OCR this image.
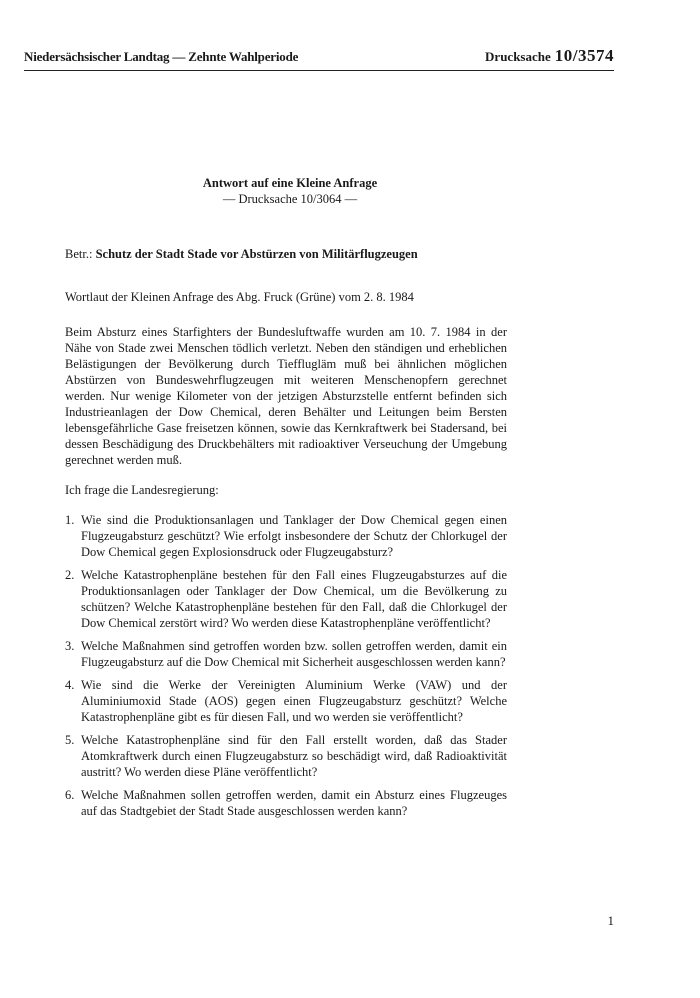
Niedersächsischer Landtag — Zehnte Wahlperiode	Drucksache 10/3574
Antwort auf eine Kleine Anfrage
— Drucksache 10/3064 —
Betr.: Schutz der Stadt Stade vor Abstürzen von Militärflugzeugen
Wortlaut der Kleinen Anfrage des Abg. Fruck (Grüne) vom 2. 8. 1984
Beim Absturz eines Starfighters der Bundesluftwaffe wurden am 10. 7. 1984 in der Nähe von Stade zwei Menschen tödlich verletzt. Neben den ständigen und erheblichen Belästigungen der Bevölkerung durch Tiefflugläm muß bei ähnlichen möglichen Abstürzen von Bundeswehrflugzeugen mit weiteren Menschenopfern gerechnet werden. Nur wenige Kilometer von der jetzigen Absturzstelle entfernt befinden sich Industrieanlagen der Dow Chemical, deren Behälter und Leitungen beim Bersten lebensgefährliche Gase freisetzen können, sowie das Kernkraftwerk bei Stadersand, bei dessen Beschädigung des Druckbehälters mit radioaktiver Verseuchung der Umgebung gerechnet werden muß.
Ich frage die Landesregierung:
1. Wie sind die Produktionsanlagen und Tanklager der Dow Chemical gegen einen Flugzeugabsturz geschützt? Wie erfolgt insbesondere der Schutz der Chlorkugel der Dow Chemical gegen Explosionsdruck oder Flugzeugabsturz?
2. Welche Katastrophenpläne bestehen für den Fall eines Flugzeugabsturzes auf die Produktionsanlagen oder Tanklager der Dow Chemical, um die Bevölkerung zu schützen? Welche Katastrophenpläne bestehen für den Fall, daß die Chlorkugel der Dow Chemical zerstört wird? Wo werden diese Katastrophenpläne veröffentlicht?
3. Welche Maßnahmen sind getroffen worden bzw. sollen getroffen werden, damit ein Flugzeugabsturz auf die Dow Chemical mit Sicherheit ausgeschlossen werden kann?
4. Wie sind die Werke der Vereinigten Aluminium Werke (VAW) und der Aluminiumoxid Stade (AOS) gegen einen Flugzeugabsturz geschützt? Welche Katastrophenpläne gibt es für diesen Fall, und wo werden sie veröffentlicht?
5. Welche Katastrophenpläne sind für den Fall erstellt worden, daß das Stader Atomkraftwerk durch einen Flugzeugabsturz so beschädigt wird, daß Radioaktivität austritt? Wo werden diese Pläne veröffentlicht?
6. Welche Maßnahmen sollen getroffen werden, damit ein Absturz eines Flugzeuges auf das Stadtgebiet der Stadt Stade ausgeschlossen werden kann?
1
